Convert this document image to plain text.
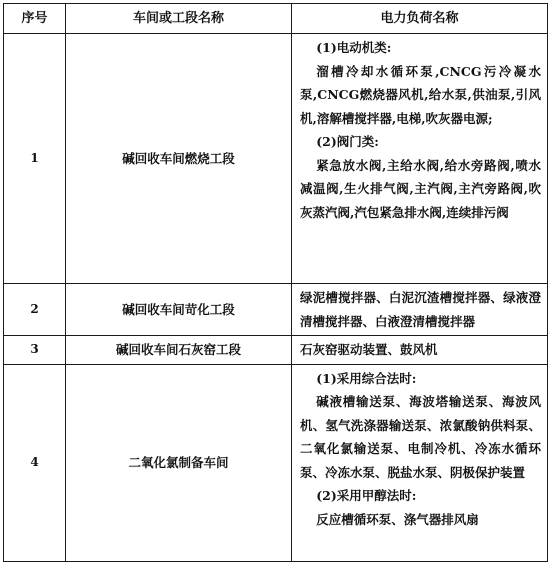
序号	车间或工段名称	电力负荷名称
1	碱回收车间燃烧工段	(1)电动机类:
溜槽冷却水循环泵,CNCG污冷凝水泵,CNCG燃烧器风机,给水泵,供油泵,引风机,溶解槽搅拌器,电梯,吹灰器电源;
(2)阀门类:
紧急放水阀,主给水阀,给水旁路阀,喷水减温阀,生火排气阀,主汽阀,主汽旁路阀,吹灰蒸汽阀,汽包紧急排水阀,连续排污阀

2	碱回收车间苛化工段	绿泥槽搅拌器、白泥沉渣槽搅拌器、绿液澄清槽搅拌器、白液澄清槽搅拌器
3	碱回收车间石灰窑工段	石灰窑驱动装置、鼓风机
4	二氧化氯制备车间	(1)采用综合法时:
碱液槽输送泵、海波塔输送泵、海波风机、氢气洗涤器输送泵、浓氯酸钠供料泵、二氧化氯输送泵、电制冷机、冷冻水循环泵、冷冻水泵、脱盐水泵、阴极保护装置
(2)采用甲醇法时:
反应槽循环泵、涤气器排风扇
